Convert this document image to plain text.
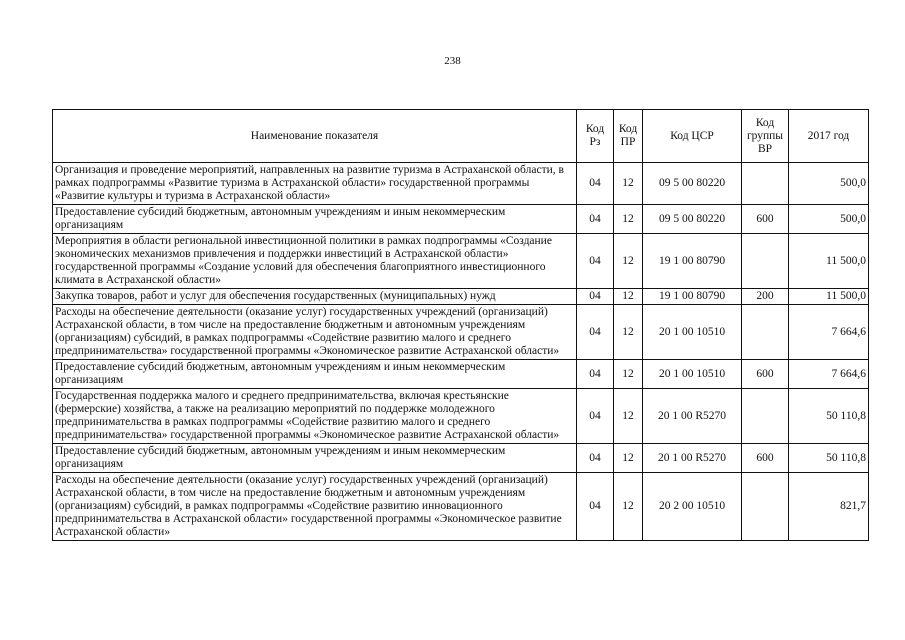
238
Наименование показателя	Код Рз	Код ПР	Код ЦСР	Код группы ВР	2017 год
Организация и проведение мероприятий, направленных на развитие туризма в Астраханской области, в рамках подпрограммы «Развитие туризма в Астраханской области» государственной программы «Развитие культуры и туризма в Астраханской области»	04	12	09 5 00 80220		500,0
Предоставление субсидий бюджетным, автономным учреждениям и иным некоммерческим организациям	04	12	09 5 00 80220	600	500,0
Мероприятия в области региональной инвестиционной политики в рамках подпрограммы «Создание экономических механизмов привлечения и поддержки инвестиций в Астраханской области» государственной программы «Создание условий для обеспечения благоприятного инвестиционного климата в Астраханской области»	04	12	19 1 00 80790		11 500,0
Закупка товаров, работ и услуг для обеспечения государственных (муниципальных) нужд	04	12	19 1 00 80790	200	11 500,0
Расходы на обеспечение деятельности (оказание услуг) государственных учреждений (организаций) Астраханской области, в том числе на предоставление бюджетным и автономным учреждениям (организациям) субсидий, в рамках подпрограммы «Содействие развитию малого и среднего предпринимательства» государственной программы «Экономическое развитие Астраханской области»	04	12	20 1 00 10510		7 664,6
Предоставление субсидий бюджетным, автономным учреждениям и иным некоммерческим организациям	04	12	20 1 00 10510	600	7 664,6
Государственная поддержка малого и среднего предпринимательства, включая крестьянские (фермерские) хозяйства, а также на реализацию мероприятий по поддержке молодежного предпринимательства в рамках подпрограммы «Содействие развитию малого и среднего предпринимательства» государственной программы «Экономическое развитие Астраханской области»	04	12	20 1 00 R5270		50 110,8
Предоставление субсидий бюджетным, автономным учреждениям и иным некоммерческим организациям	04	12	20 1 00 R5270	600	50 110,8
Расходы на обеспечение деятельности (оказание услуг) государственных учреждений (организаций) Астраханской области, в том числе на предоставление бюджетным и автономным учреждениям (организациям) субсидий, в рамках подпрограммы «Содействие развитию инновационного предпринимательства в Астраханской области» государственной программы «Экономическое развитие Астраханской области»	04	12	20 2 00 10510		821,7
